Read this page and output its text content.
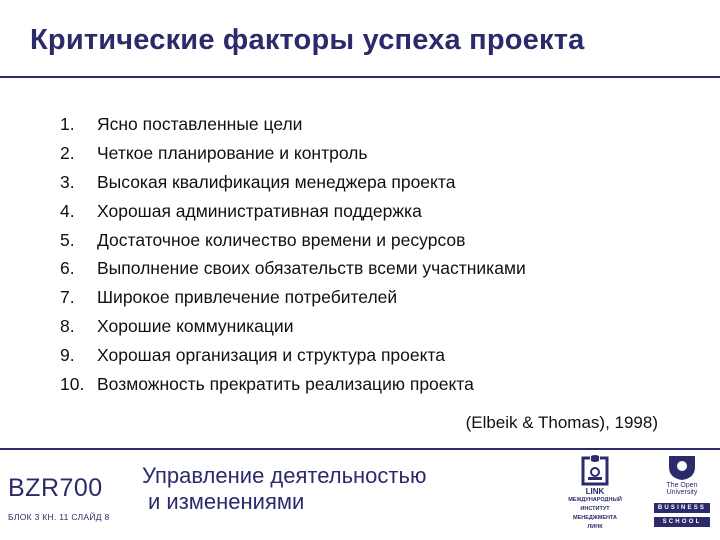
Критические факторы успеха проекта
1. Ясно поставленные цели
2. Четкое планирование и контроль
3. Высокая квалификация менеджера проекта
4. Хорошая административная поддержка
5. Достаточное количество времени и ресурсов
6. Выполнение своих обязательств всеми участниками
7. Широкое привлечение потребителей
8. Хорошие коммуникации
9. Хорошая организация и структура проекта
10. Возможность прекратить реализацию проекта
(Elbeik & Thomas), 1998)
BZR700
БЛОК 3 КН. 11 СЛАЙД 8
Управление деятельностью
и изменениями	LINK
МЕЖДУНАРОДНЫЙ
ИНСТИТУТ
МЕНЕДЖМЕНТА
ЛИНК
The Open
University
BUSINESS
SCHOOL
